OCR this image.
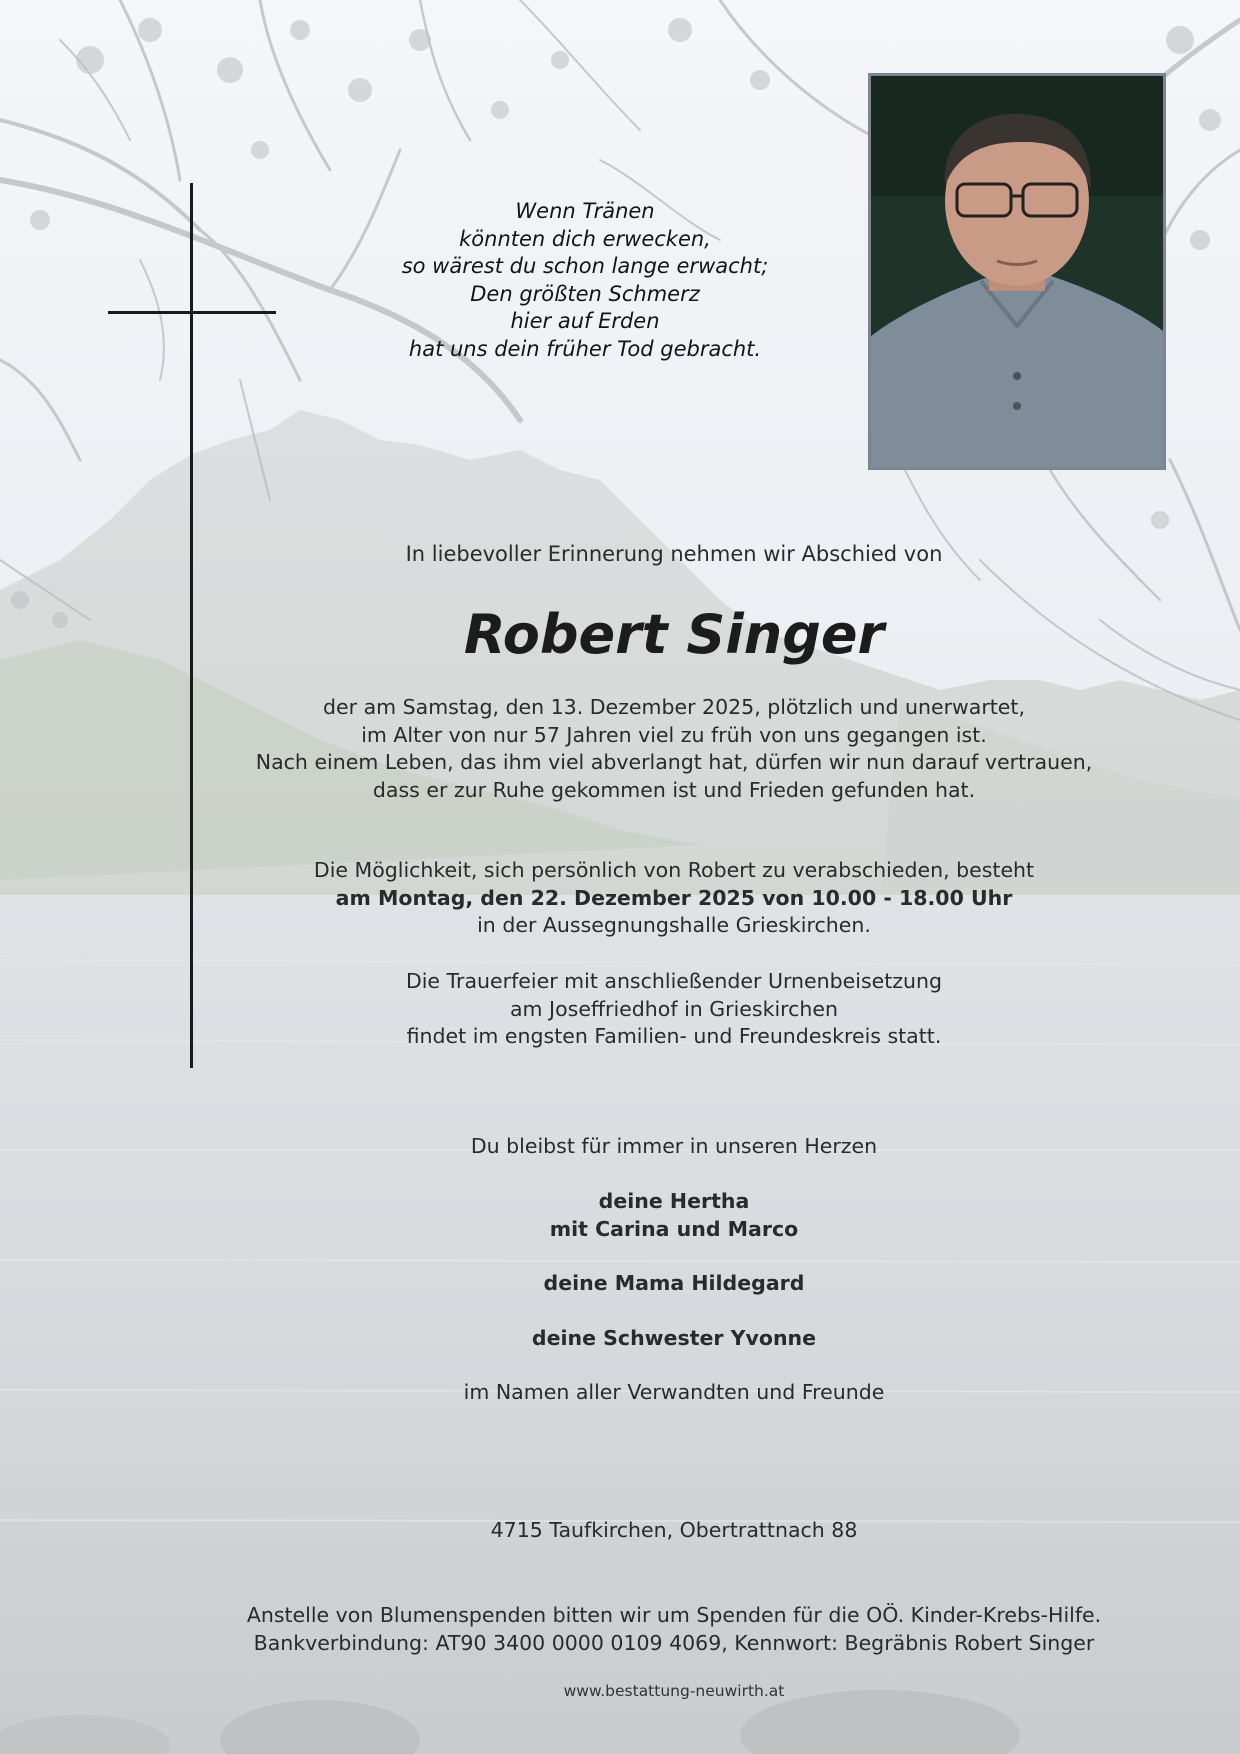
Wenn Tränen
könnten dich erwecken,
so wärest du schon lange erwacht;
Den größten Schmerz
hier auf Erden
hat uns dein früher Tod gebracht.
In liebevoller Erinnerung nehmen wir Abschied von
Robert Singer
der am Samstag, den 13. Dezember 2025, plötzlich und unerwartet,
im Alter von nur 57 Jahren viel zu früh von uns gegangen ist.
Nach einem Leben, das ihm viel abverlangt hat, dürfen wir nun darauf vertrauen,
dass er zur Ruhe gekommen ist und Frieden gefunden hat.
Die Möglichkeit, sich persönlich von Robert zu verabschieden, besteht
am Montag, den 22. Dezember 2025 von 10.00 - 18.00 Uhr
in der Aussegnungshalle Grieskirchen.
Die Trauerfeier mit anschließender Urnenbeisetzung
am Joseffriedhof in Grieskirchen
findet im engsten Familien- und Freundeskreis statt.
Du bleibst für immer in unseren Herzen
deine Hertha
mit Carina und Marco
deine Mama Hildegard
deine Schwester Yvonne
im Namen aller Verwandten und Freunde
4715 Taufkirchen, Obertrattnach 88
Anstelle von Blumenspenden bitten wir um Spenden für die OÖ. Kinder-Krebs-Hilfe.
Bankverbindung: AT90 3400 0000 0109 4069, Kennwort: Begräbnis Robert Singer
www.bestattung-neuwirth.at
